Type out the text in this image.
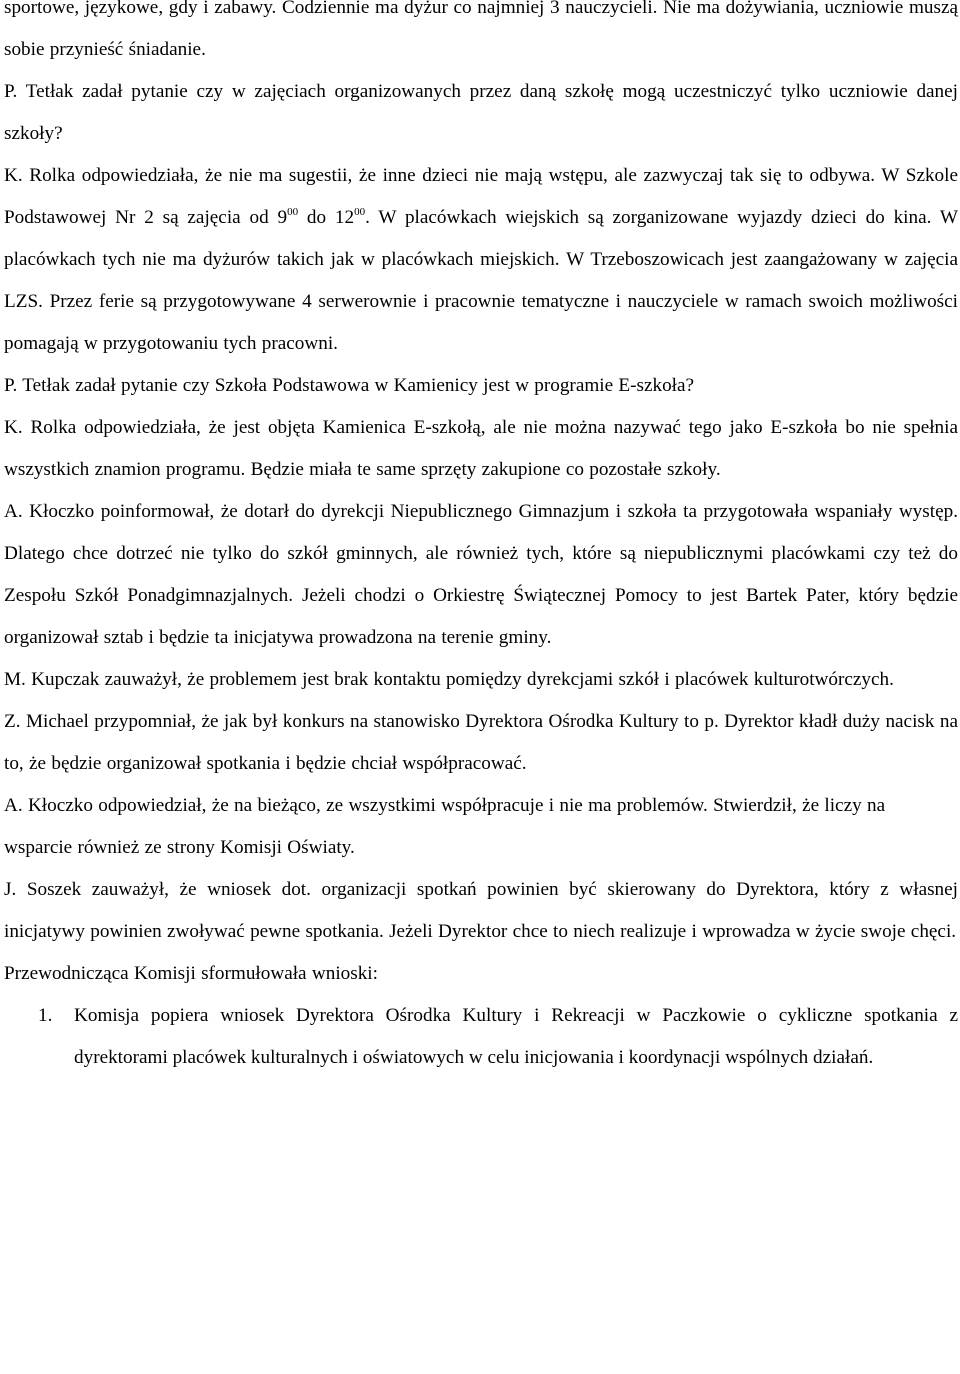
sportowe, językowe, gdy i zabawy. Codziennie ma dyżur co najmniej 3 nauczycieli. Nie ma dożywiania, uczniowie muszą sobie przynieść śniadanie.

P. Tetłak zadał pytanie czy w zajęciach organizowanych przez daną szkołę mogą uczestniczyć tylko uczniowie danej szkoły?

K. Rolka odpowiedziała, że nie ma sugestii, że inne dzieci nie mają wstępu, ale zazwyczaj tak się to odbywa. W Szkole Podstawowej Nr 2 są zajęcia od $9^{00}$ do $12^{00}$. W placówkach wiejskich są zorganizowane wyjazdy dzieci do kina. W placówkach tych nie ma dyżurów takich jak w placówkach miejskich. W Trzeboszowicach jest zaangażowany w zajęcia LZS. Przez ferie są przygotowywane 4 serwerownie i pracownie tematyczne i nauczyciele w ramach swoich możliwości pomagają w przygotowaniu tych pracowni.

P. Tetłak zadał pytanie czy Szkoła Podstawowa w Kamienicy jest w programie E-szkoła?

K. Rolka odpowiedziała, że jest objęta Kamienica E-szkołą, ale nie można nazywać tego jako E-szkoła bo nie spełnia wszystkich znamion programu. Będzie miała te same sprzęty zakupione co pozostałe szkoły.

A. Kłoczko poinformował, że dotarł do dyrekcji Niepublicznego Gimnazjum i szkoła ta przygotowała wspaniały występ. Dlatego chce dotrzeć nie tylko do szkół gminnych, ale również tych, które są niepublicznymi placówkami czy też do Zespołu Szkół Ponadgimnazjalnych. Jeżeli chodzi o Orkiestrę Świątecznej Pomocy to jest Bartek Pater, który będzie organizował sztab i będzie ta inicjatywa prowadzona na terenie gminy.

M. Kupczak zauważył, że problemem jest brak kontaktu pomiędzy dyrekcjami szkół i placówek kulturotwórczych.

Z. Michael przypomniał, że jak był konkurs na stanowisko Dyrektora Ośrodka Kultury to p. Dyrektor kładł duży nacisk na to, że będzie organizował spotkania i będzie chciał współpracować.

A. Kłoczko odpowiedział, że na bieżąco, ze wszystkimi współpracuje i nie ma problemów. Stwierdził, że liczy na wsparcie również ze strony Komisji Oświaty.

J. Soszek zauważył, że wniosek dot. organizacji spotkań powinien być skierowany do Dyrektora, który z własnej inicjatywy powinien zwoływać pewne spotkania. Jeżeli Dyrektor chce to niech realizuje i wprowadza w życie swoje chęci.

Przewodnicząca Komisji sformułowała wnioski:

1.	Komisja popiera wniosek Dyrektora Ośrodka Kultury i Rekreacji w Paczkowie o cykliczne spotkania z dyrektorami placówek kulturalnych i oświatowych w celu inicjowania i koordynacji wspólnych działań.
